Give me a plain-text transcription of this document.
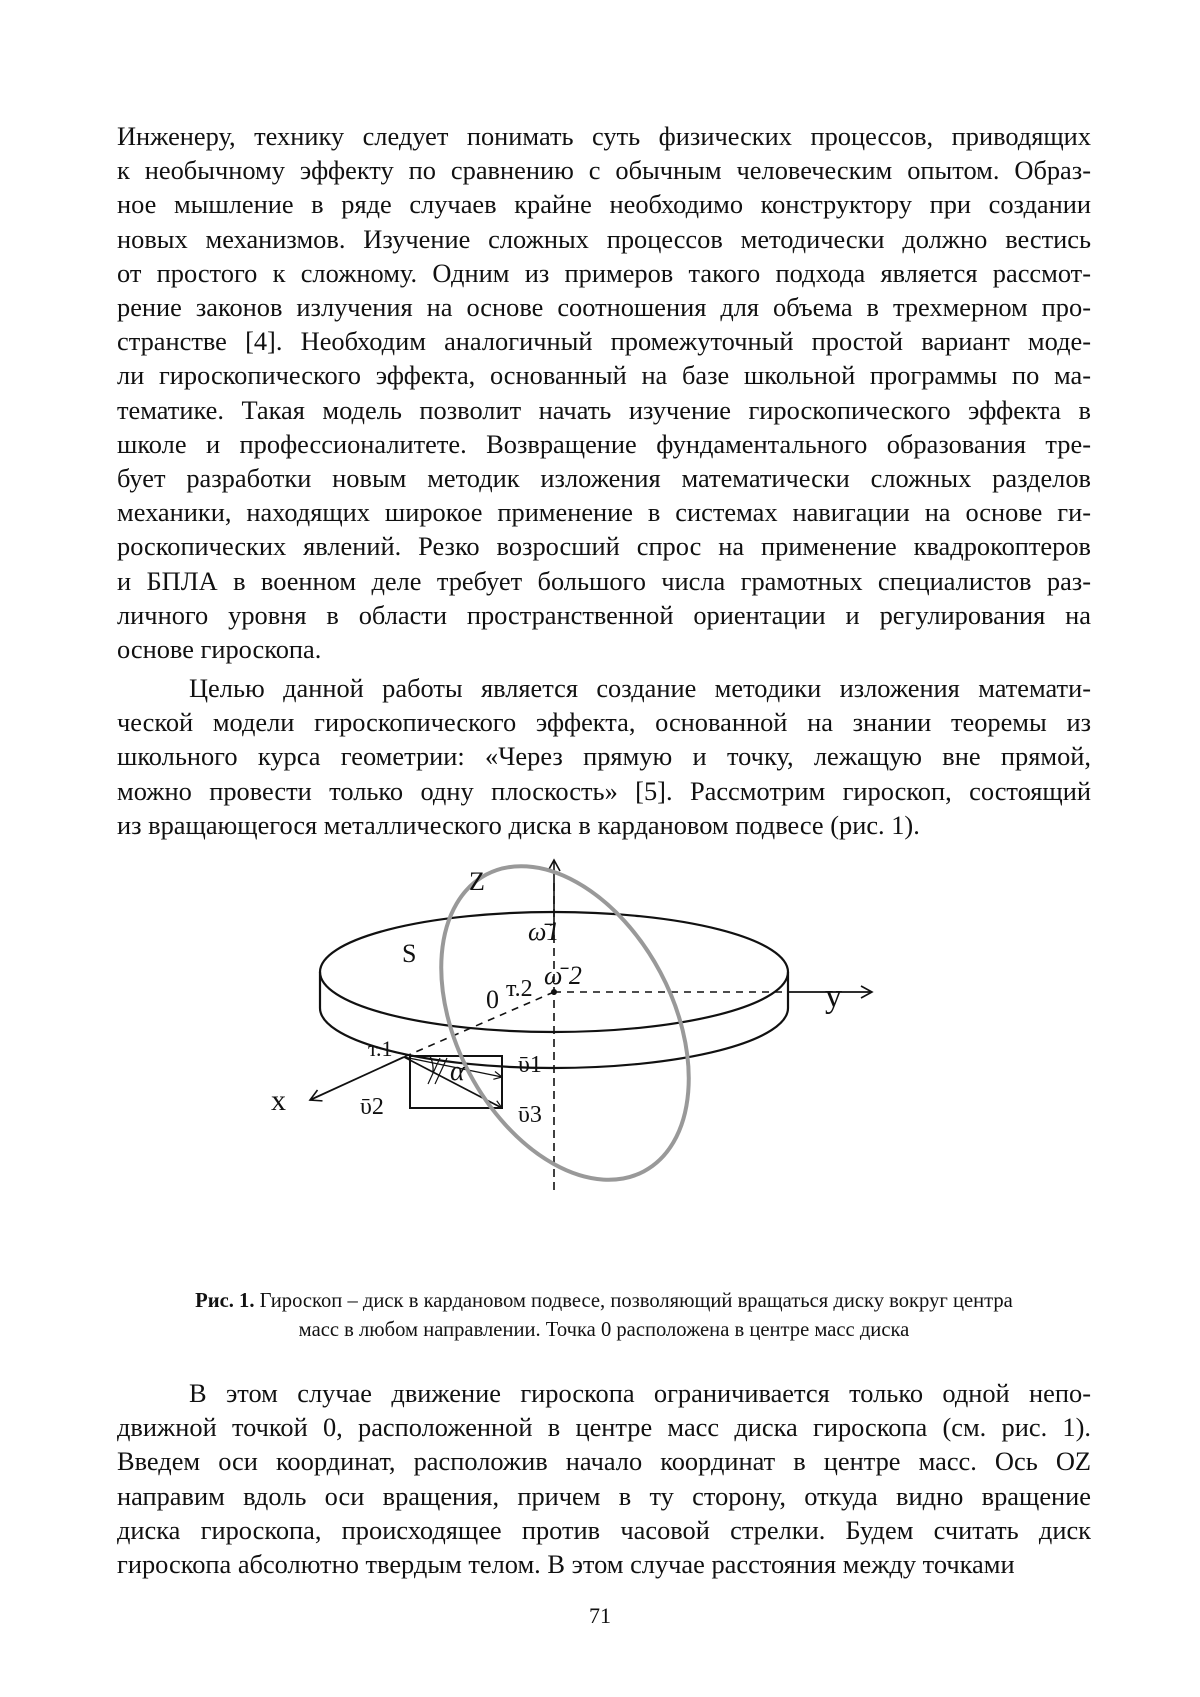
Инженеру, технику следует понимать суть физических процессов, приводящих
к необычному эффекту по сравнению с обычным человеческим опытом. Образ-
ное мышление в ряде случаев крайне необходимо конструктору при создании
новых механизмов. Изучение сложных процессов методически должно вестись
от простого к сложному. Одним из примеров такого подхода является рассмот-
рение законов излучения на основе соотношения для объема в трехмерном про-
странстве [4]. Необходим аналогичный промежуточный простой вариант моде-
ли гироскопического эффекта, основанный на базе школьной программы по ма-
тематике. Такая модель позволит начать изучение гироскопического эффекта в
школе и профессионалитете. Возвращение фундаментального образования тре-
бует разработки новым методик изложения математически сложных разделов
механики, находящих широкое применение в системах навигации на основе ги-
роскопических явлений. Резко возросший спрос на применение квадрокоптеров
и БПЛА в военном деле требует большого числа грамотных специалистов раз-
личного уровня в области пространственной ориентации и регулирования на
основе гироскопа.
Целью данной работы является создание методики изложения математи-
ческой модели гироскопического эффекта, основанной на знании теоремы из
школьного курса геометрии: «Через прямую и точку, лежащую вне прямой,
можно провести только одну плоскость» [5]. Рассмотрим гироскоп, состоящий
из вращающегося металлического диска в кардановом подвесе (рис. 1).
Z
ω̄1
S
0 т.2 ω̄ 2
y
т.1
α ῡ1
x	ῡ2	ῡ3
Рис. 1. Гироскоп – диск в кардановом подвесе, позволяющий вращаться диску вокруг центра
масс в любом направлении. Точка 0 расположена в центре масс диска
В этом случае движение гироскопа ограничивается только одной непо-
движной точкой 0, расположенной в центре масс диска гироскопа (см. рис. 1).
Введем оси координат, расположив начало координат в центре масс. Ось OZ
направим вдоль оси вращения, причем в ту сторону, откуда видно вращение
диска гироскопа, происходящее против часовой стрелки. Будем считать диск
гироскопа абсолютно твердым телом. В этом случае расстояния между точками
71
